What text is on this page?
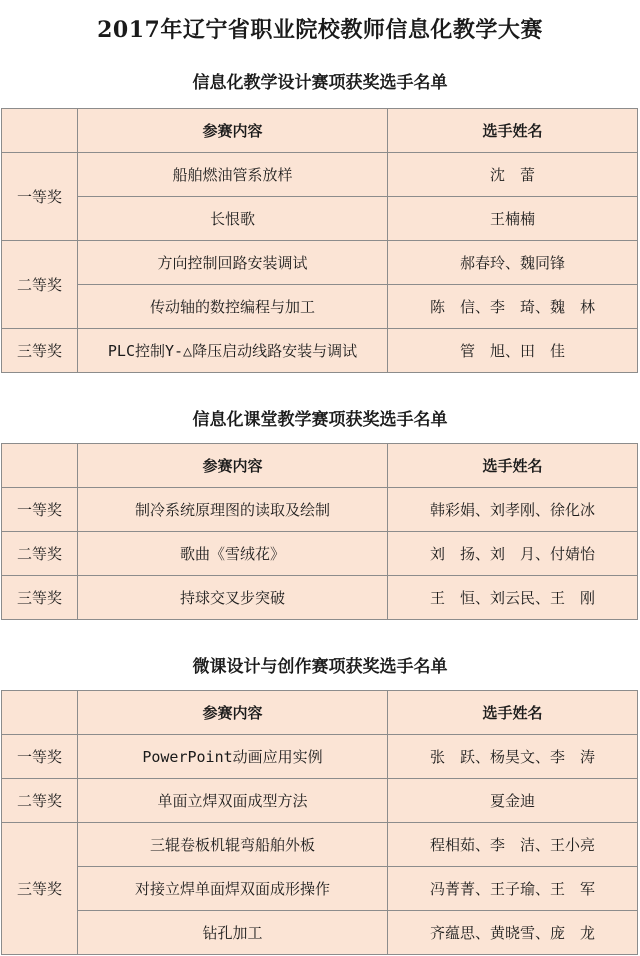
2017年辽宁省职业院校教师信息化教学大赛
信息化教学设计赛项获奖选手名单
	参赛内容	选手姓名
一等奖	船舶燃油管系放样	沈　蕾
	长恨歌	王楠楠
二等奖	方向控制回路安装调试	郝春玲、魏同锋
	传动轴的数控编程与加工	陈　信、李　琦、魏　林
三等奖	PLC控制Y-△降压启动线路安装与调试	管　旭、田　佳
信息化课堂教学赛项获奖选手名单
	参赛内容	选手姓名
一等奖	制冷系统原理图的读取及绘制	韩彩娟、刘孝刚、徐化冰
二等奖	歌曲《雪绒花》	刘　扬、刘　月、付婧怡
三等奖	持球交叉步突破	王　恒、刘云民、王　刚
微课设计与创作赛项获奖选手名单
	参赛内容	选手姓名
一等奖	PowerPoint动画应用实例	张　跃、杨昊文、李　涛
二等奖	单面立焊双面成型方法	夏金迪
三等奖	三辊卷板机辊弯船舶外板	程相茹、李　洁、王小亮
	对接立焊单面焊双面成形操作	冯菁菁、王子瑜、王　军
	钻孔加工	齐蕴思、黄晓雪、庞　龙
